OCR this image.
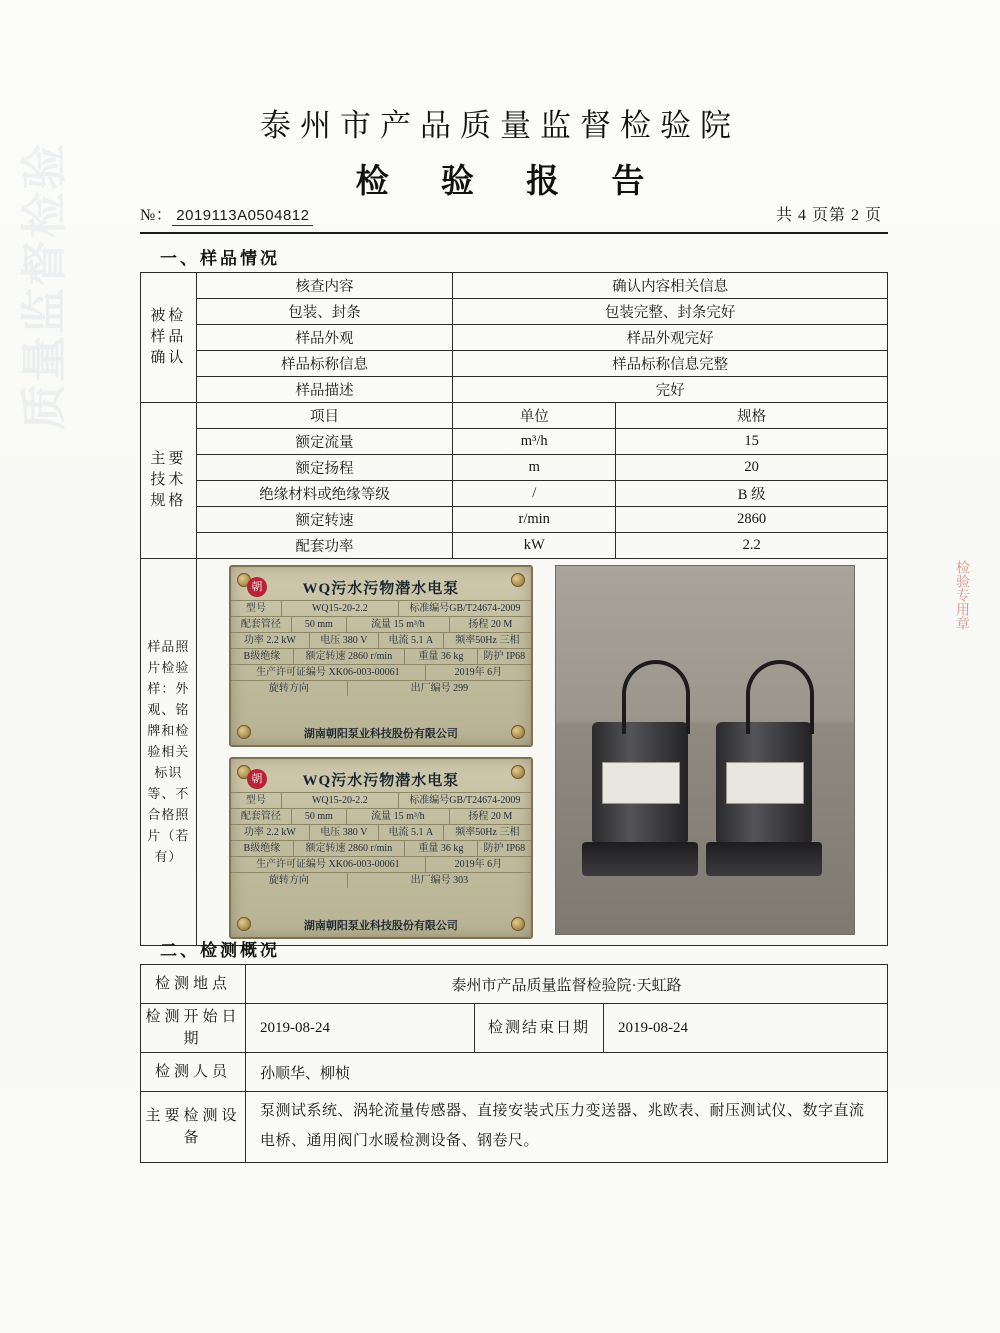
质量监督检验
检验专用章
泰州市产品质量监督检验院
检 验 报 告
№： 2019113A0504812	共 4 页第 2 页
一、样品情况
被检样品确认	核查内容	确认内容相关信息	
	包装、封条	包装完整、封条完好	
	样品外观	样品外观完好	
	样品标称信息	样品标称信息完整	
	样品描述	完好	
主要技术规格	项目	单位	规格
	额定流量	m³/h	15
	额定扬程	m	20
	绝缘材料或绝缘等级	/	B 级
	额定转速	r/min	2860
	配套功率	kW	2.2
样品照片检验样：外观、铭牌和检验相关标识等、不合格照片（若有）	
朝	WQ污水污物潜水电泵
型号	WQ15-20-2.2	标准编号GB/T24674-2009
配套管径	50 mm	流量 15 m³/h	扬程 20 M
功率 2.2 kW	电压 380 V	电流 5.1 A	频率50Hz 三相
B级绝缘	额定转速 2860 r/min	重量 36 kg	防护 IP68
生产许可证编号 XK06-003-00061	2019年 6月
旋转方向	出厂编号 299
湖南朝阳泵业科技股份有限公司
朝	WQ污水污物潜水电泵
型号	WQ15-20-2.2	标准编号GB/T24674-2009
配套管径	50 mm	流量 15 m³/h	扬程 20 M
功率 2.2 kW	电压 380 V	电流 5.1 A	频率50Hz 三相
B级绝缘	额定转速 2860 r/min	重量 36 kg	防护 IP68
生产许可证编号 XK06-003-00061	2019年 6月
旋转方向	出厂编号 303
湖南朝阳泵业科技股份有限公司
二、检测概况
检测地点	泰州市产品质量监督检验院·天虹路		
检测开始日期	2019-08-24	检测结束日期	2019-08-24
检测人员	孙顺华、柳桢		
主要检测设备	泵测试系统、涡轮流量传感器、直接安装式压力变送器、兆欧表、耐压测试仪、数字直流电桥、通用阀门水暖检测设备、钢卷尺。		
